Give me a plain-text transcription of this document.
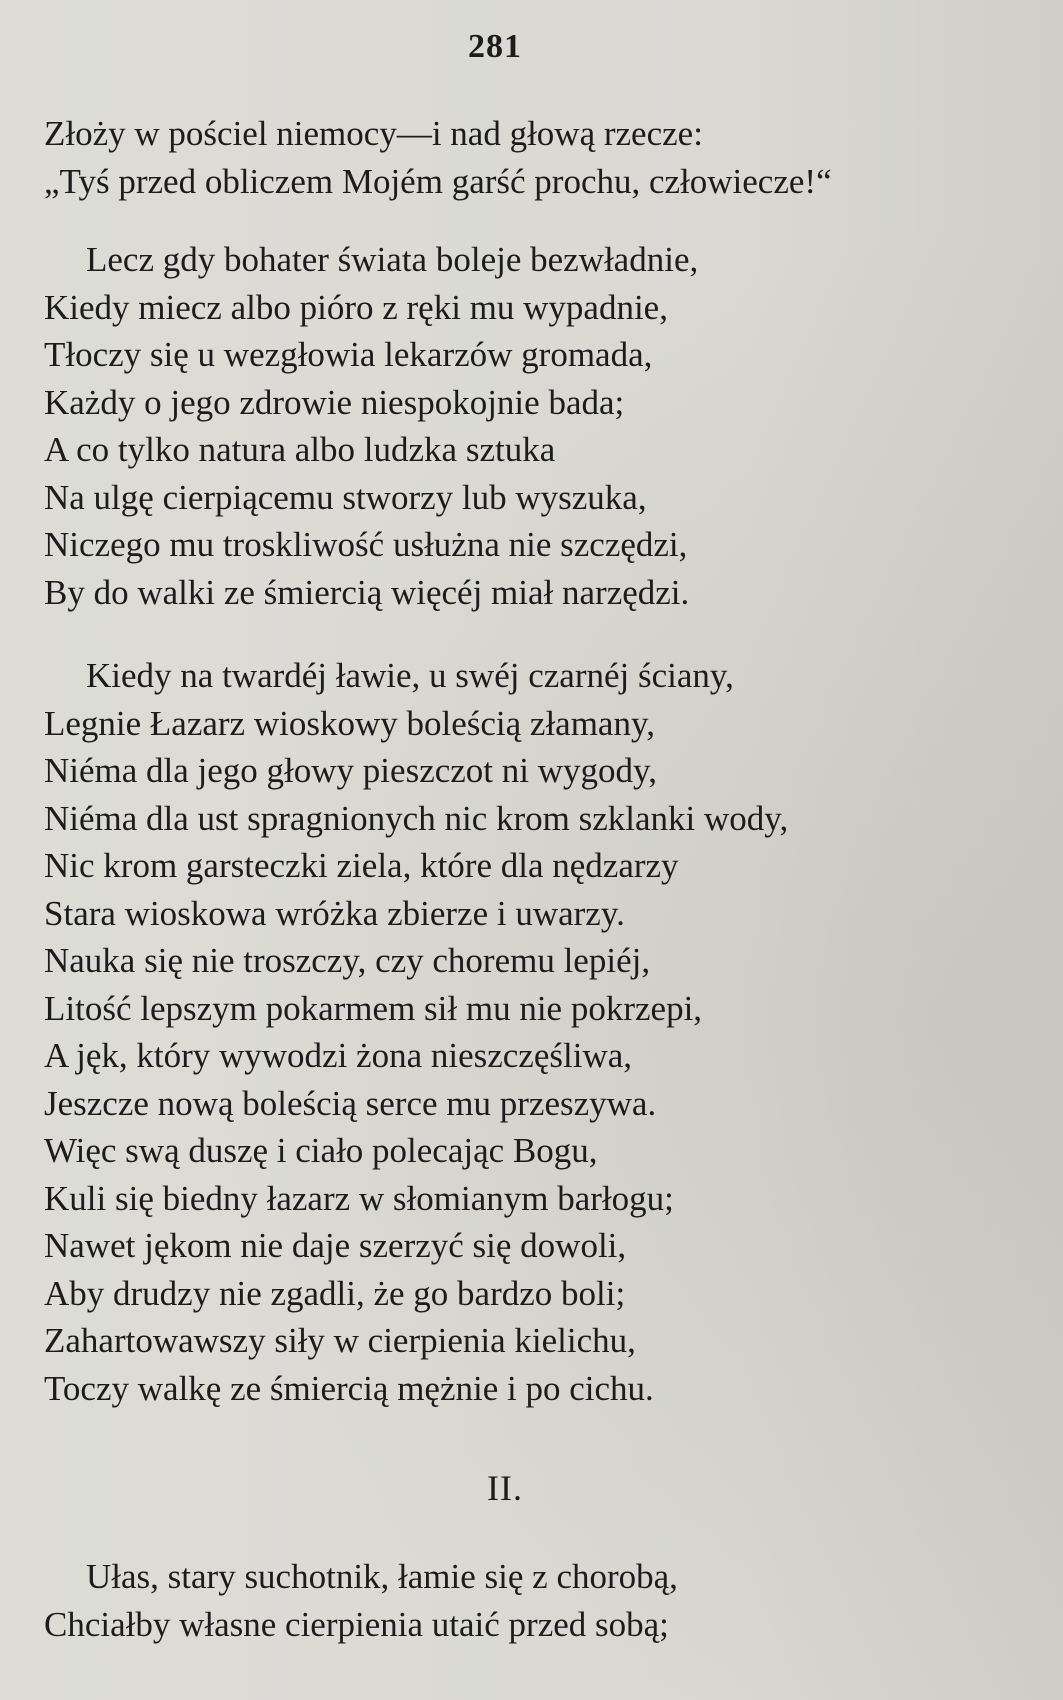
281
Złoży w pościel niemocy—i nad głową rzecze:
„Tyś przed obliczem Mojém garść prochu, człowiecze!“
Lecz gdy bohater świata boleje bezwładnie,
Kiedy miecz albo pióro z ręki mu wypadnie,
Tłoczy się u wezgłowia lekarzów gromada,
Każdy o jego zdrowie niespokojnie bada;
A co tylko natura albo ludzka sztuka
Na ulgę cierpiącemu stworzy lub wyszuka,
Niczego mu troskliwość usłużna nie szczędzi,
By do walki ze śmiercią więcéj miał narzędzi.
Kiedy na twardéj ławie, u swéj czarnéj ściany,
Legnie Łazarz wioskowy boleścią złamany,
Niéma dla jego głowy pieszczot ni wygody,
Niéma dla ust spragnionych nic krom szklanki wody,
Nic krom garsteczki ziela, które dla nędzarzy
Stara wioskowa wróżka zbierze i uwarzy.
Nauka się nie troszczy, czy choremu lepiéj,
Litość lepszym pokarmem sił mu nie pokrzepi,
A jęk, który wywodzi żona nieszczęśliwa,
Jeszcze nową boleścią serce mu przeszywa.
Więc swą duszę i ciało polecając Bogu,
Kuli się biedny łazarz w słomianym barłogu;
Nawet jękom nie daje szerzyć się dowoli,
Aby drudzy nie zgadli, że go bardzo boli;
Zahartowawszy siły w cierpienia kielichu,
Toczy walkę ze śmiercią mężnie i po cichu.
II.
Ułas, stary suchotnik, łamie się z chorobą,
Chciałby własne cierpienia utaić przed sobą;
